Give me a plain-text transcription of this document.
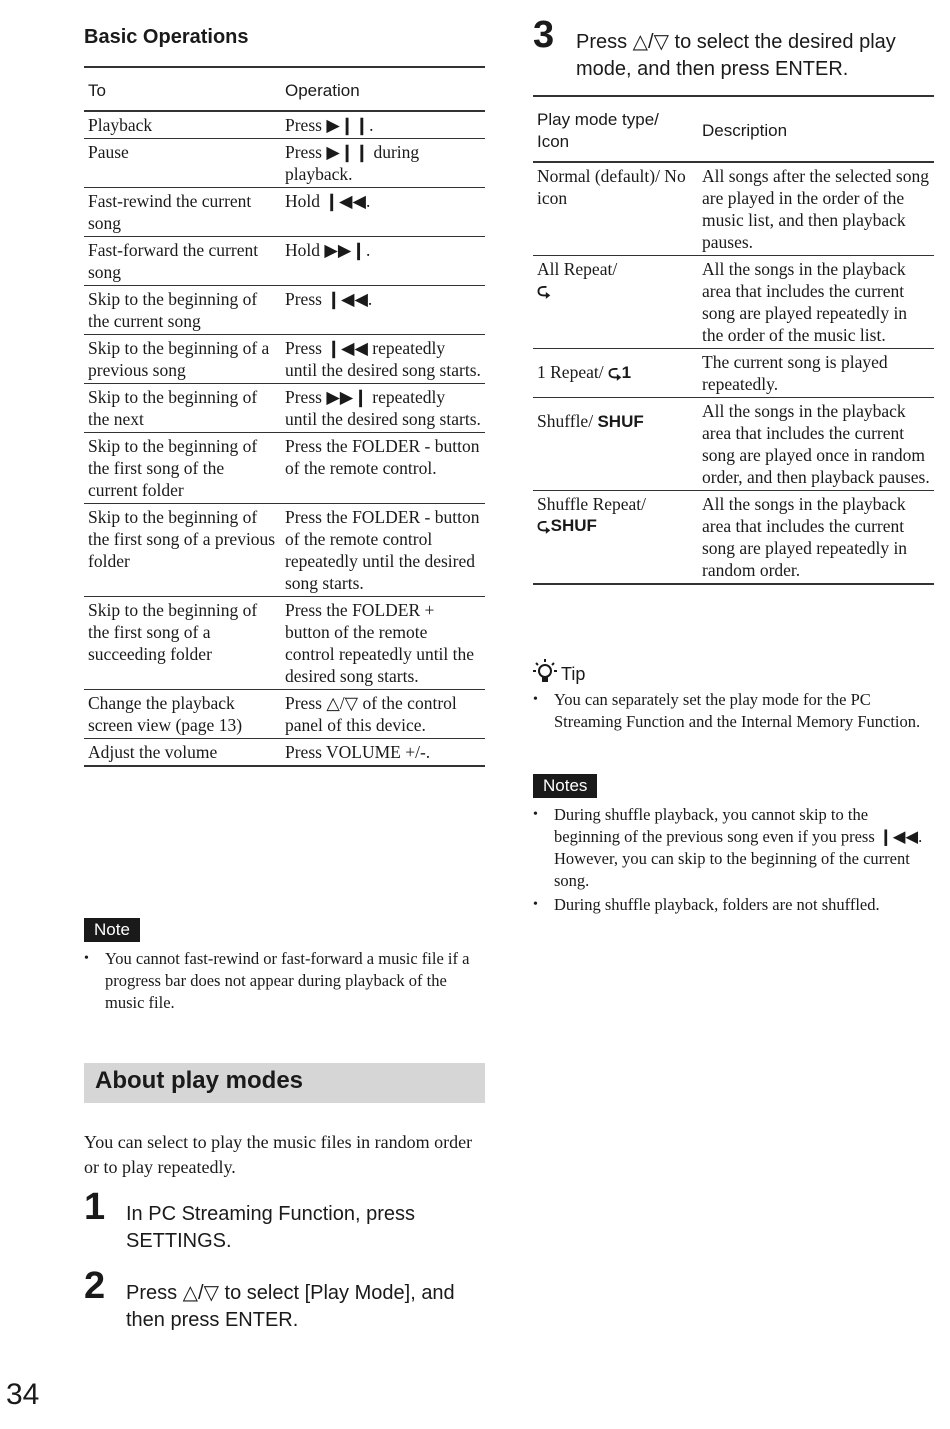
Basic Operations
To	Operation
Playback	Press ▶❙❙.
Pause	Press ▶❙❙ during playback.
Fast-rewind the current song	Hold ❙◀◀.
Fast-forward the current song	Hold ▶▶❙.
Skip to the beginning of the current song	Press ❙◀◀.
Skip to the beginning of a previous song	Press ❙◀◀ repeatedly until the desired song starts.
Skip to the beginning of the next	Press ▶▶❙ repeatedly until the desired song starts.
Skip to the beginning of the first song of the current folder	Press the FOLDER - button of the remote control.
Skip to the beginning of the first song of a previous folder	Press the FOLDER - button of the remote control repeatedly until the desired song starts.
Skip to the beginning of the first song of a succeeding folder	Press the FOLDER + button of the remote control repeatedly until the desired song starts.
Change the playback screen view (page 13)	Press △/▽ of the control panel of this device.
Adjust the volume	Press VOLUME +/-.
Note
• You cannot fast-rewind or fast-forward a music file if a progress bar does not appear during playback of the music file.
About play modes

You can select to play the music files in random order or to play repeatedly.

1 In PC Streaming Function, press SETTINGS.
2 Press △/▽ to select [Play Mode], and then press ENTER.
34
3 Press △/▽ to select the desired play mode, and then press ENTER.
Play mode type/ Icon	Description
Normal (default)/ No icon	All songs after the selected song are played in the order of the music list, and then playback pauses.

All Repeat/
⮎	All the songs in the playback area that includes the current song are played repeatedly in the order of the music list.
1 Repeat/ ⮎1	The current song is played repeatedly.
Shuffle/ SHUF	All the songs in the playback area that includes the current song are played once in random order, and then playback pauses.

Shuffle Repeat/
⮎SHUF	All the songs in the playback area that includes the current song are played repeatedly in random order.
Tip
• You can separately set the play mode for the PC Streaming Function and the Internal Memory Function.
Notes
• During shuffle playback, you cannot skip to the beginning of the previous song even if you press ❙◀◀. However, you can skip to the beginning of the current song.
• During shuffle playback, folders are not shuffled.
